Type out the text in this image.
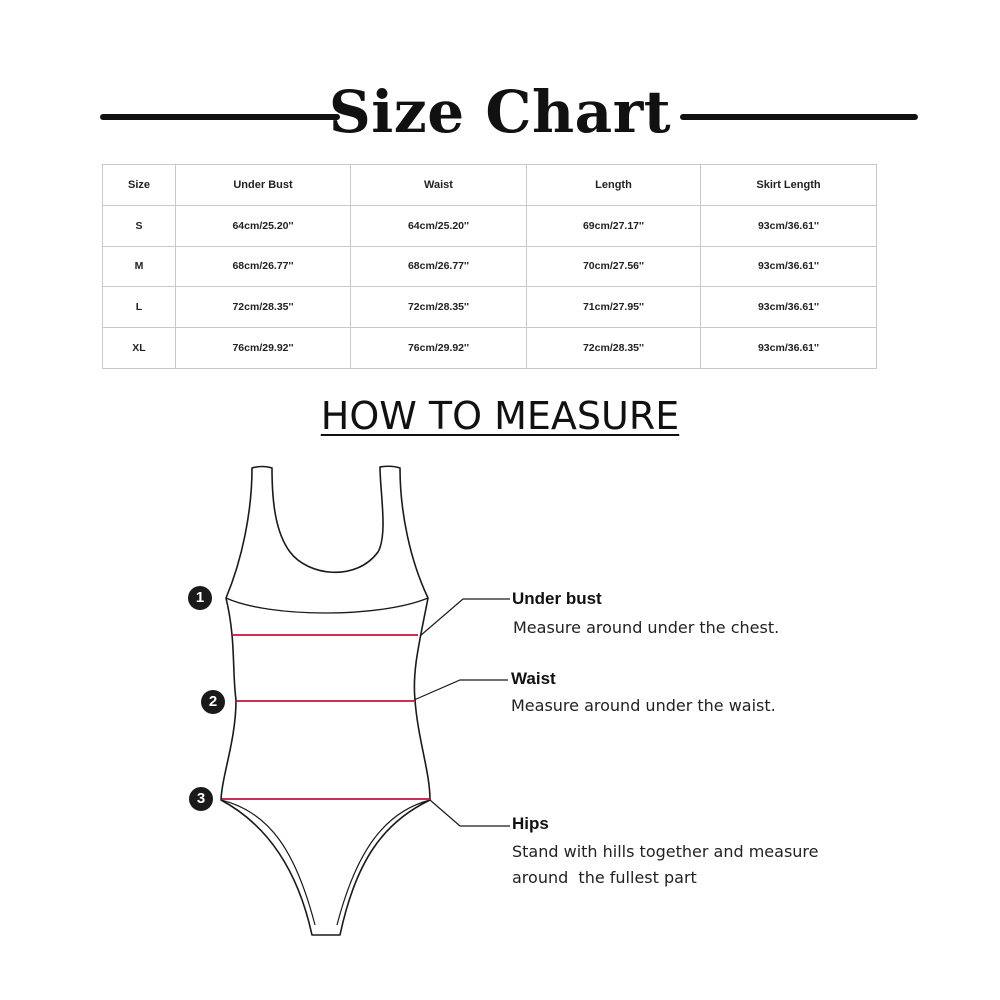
Size Chart
Size	Under Bust	Waist	Length	Skirt Length
S	64cm/25.20''	64cm/25.20''	69cm/27.17''	93cm/36.61''
M	68cm/26.77''	68cm/26.77''	70cm/27.56''	93cm/36.61''
L	72cm/28.35''	72cm/28.35''	71cm/27.95''	93cm/36.61''
XL	76cm/29.92''	76cm/29.92''	72cm/28.35''	93cm/36.61''
HOW TO MEASURE
1
2
3
Under bust
Measure around under the chest.
Waist
Measure around under the waist.
Hips
Stand with hills together and measure
around  the fullest part
